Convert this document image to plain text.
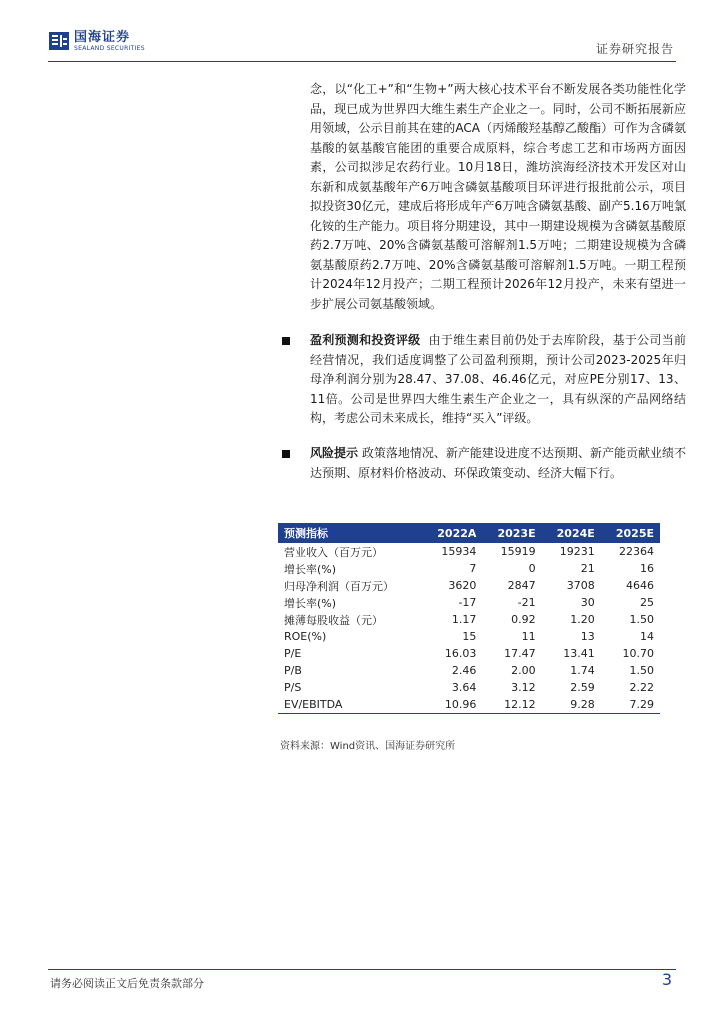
国海证券
SEALAND SECURITIES	证券研究报告
念，以“化工+”和“生物+”两大核心技术平台不断发展各类功能性化学品，现已成为世界四大维生素生产企业之一。同时，公司不断拓展新应用领域，公示目前其在建的ACA（丙烯酸羟基醇乙酸酯）可作为含磷氨基酸的氨基酸官能团的重要合成原料，综合考虑工艺和市场两方面因素，公司拟涉足农药行业。10月18日，潍坊滨海经济技术开发区对山东新和成氨基酸年产6万吨含磷氨基酸项目环评进行报批前公示，项目拟投资30亿元，建成后将形成年产6万吨含磷氨基酸、副产5.16万吨氯化铵的生产能力。项目将分期建设，其中一期建设规模为含磷氨基酸原药2.7万吨、20%含磷氨基酸可溶解剂1.5万吨；二期建设规模为含磷氨基酸原药2.7万吨、20%含磷氨基酸可溶解剂1.5万吨。一期工程预计2024年12月投产；二期工程预计2026年12月投产，未来有望进一步扩展公司氨基酸领域。
盈利预测和投资评级 由于维生素目前仍处于去库阶段，基于公司当前经营情况，我们适度调整了公司盈利预期，预计公司2023-2025年归母净利润分别为28.47、37.08、46.46亿元，对应PE分别17、13、11倍。公司是世界四大维生素生产企业之一，具有纵深的产品网络结构，考虑公司未来成长，维持“买入”评级。
风险提示 政策落地情况、新产能建设进度不达预期、新产能贡献业绩不达预期、原材料价格波动、环保政策变动、经济大幅下行。
预测指标	2022A	2023E	2024E	2025E
营业收入（百万元）	15934	15919	19231	22364
增长率(%)	7	0	21	16
归母净利润（百万元）	3620	2847	3708	4646
增长率(%)	-17	-21	30	25
摊薄每股收益（元）	1.17	0.92	1.20	1.50
ROE(%)	15	11	13	14
P/E	16.03	17.47	13.41	10.70
P/B	2.46	2.00	1.74	1.50
P/S	3.64	3.12	2.59	2.22
EV/EBITDA	10.96	12.12	9.28	7.29
资料来源：Wind资讯、国海证券研究所
请务必阅读正文后免责条款部分	3
